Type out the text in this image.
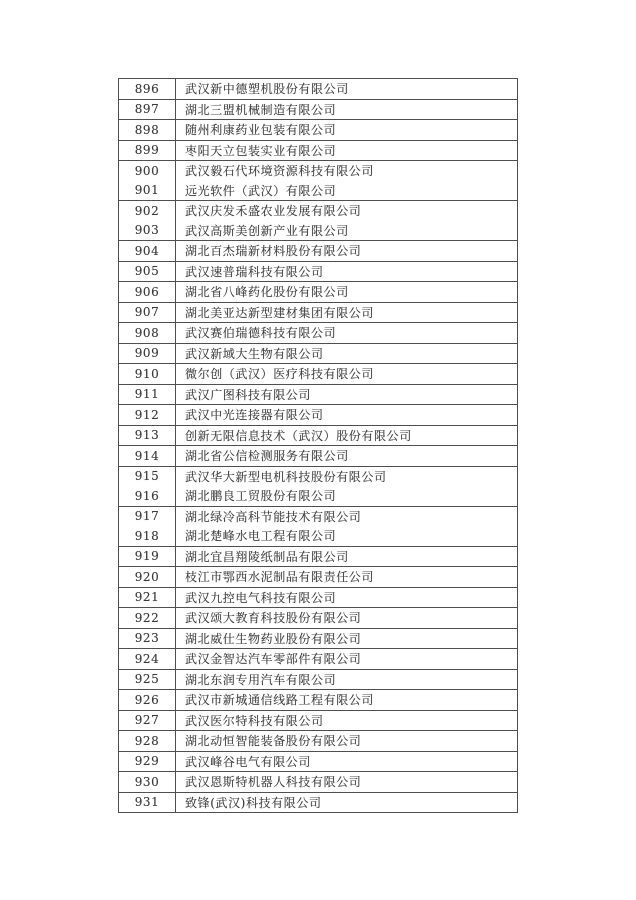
896	武汉新中德塑机股份有限公司
897	湖北三盟机械制造有限公司
898	随州利康药业包装有限公司
899	枣阳天立包装实业有限公司
900	武汉毅石代环境资源科技有限公司
901	远光软件（武汉）有限公司
902	武汉庆发禾盛农业发展有限公司
903	武汉高斯美创新产业有限公司
904	湖北百杰瑞新材料股份有限公司
905	武汉速普瑞科技有限公司
906	湖北省八峰药化股份有限公司
907	湖北美亚达新型建材集团有限公司
908	武汉赛伯瑞德科技有限公司
909	武汉新域大生物有限公司
910	微尔创（武汉）医疗科技有限公司
911	武汉广图科技有限公司
912	武汉中光连接器有限公司
913	创新无限信息技术（武汉）股份有限公司
914	湖北省公信检测服务有限公司
915	武汉华大新型电机科技股份有限公司
916	湖北鹏良工贸股份有限公司
917	湖北绿冷高科节能技术有限公司
918	湖北楚峰水电工程有限公司
919	湖北宜昌翔陵纸制品有限公司
920	枝江市鄂西水泥制品有限责任公司
921	武汉九控电气科技有限公司
922	武汉颂大教育科技股份有限公司
923	湖北威仕生物药业股份有限公司
924	武汉金智达汽车零部件有限公司
925	湖北东润专用汽车有限公司
926	武汉市新城通信线路工程有限公司
927	武汉医尔特科技有限公司
928	湖北动恒智能装备股份有限公司
929	武汉峰谷电气有限公司
930	武汉恩斯特机器人科技有限公司
931	致锋(武汉)科技有限公司
